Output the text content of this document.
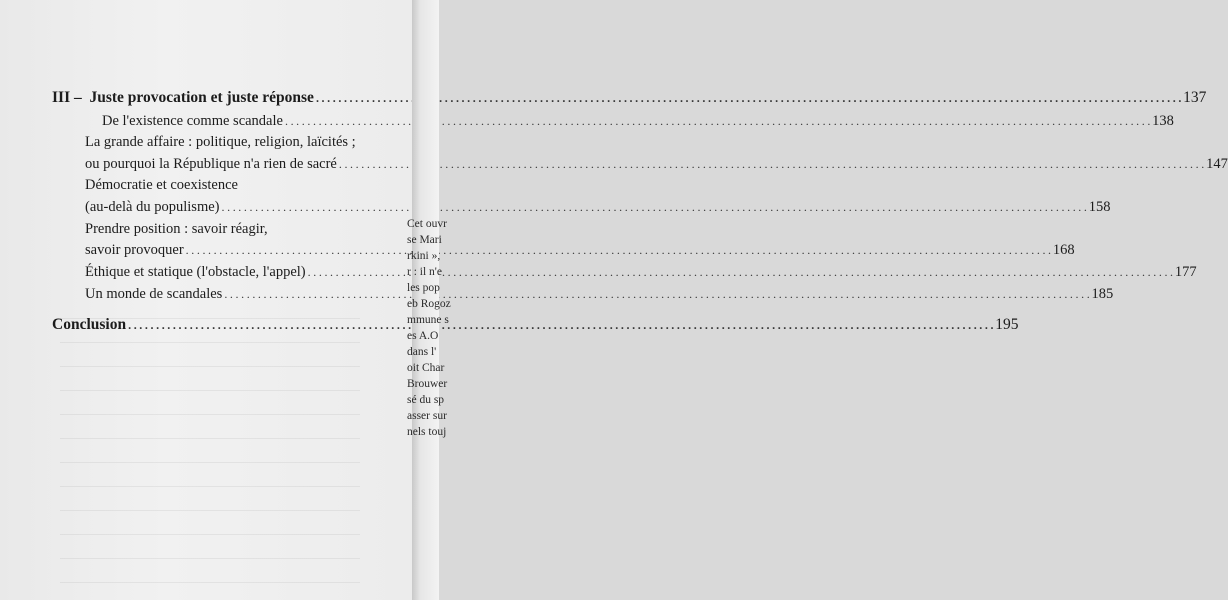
III – Juste provocation et juste réponse . . .	137
De l'existence comme scandale . . .	138
La grande affaire : politique, religion, laïcités ;
ou pourquoi la République n'a rien de sacré . . .	147
Démocratie et coexistence
(au-delà du populisme) . . .	158
Prendre position : savoir réagir,
savoir provoquer . . .	168
Éthique et statique (l'obstacle, l'appel) . . .	177
Un monde de scandales . . .	185
Conclusion . . .	195
Cet ouvr
se Mari
rkini »,
r : il n'e
les pop
eb Rogoz
mmune s
es A.O
dans l'
oit Char
Brouwer
sé du sp
asser sur
nels touj
